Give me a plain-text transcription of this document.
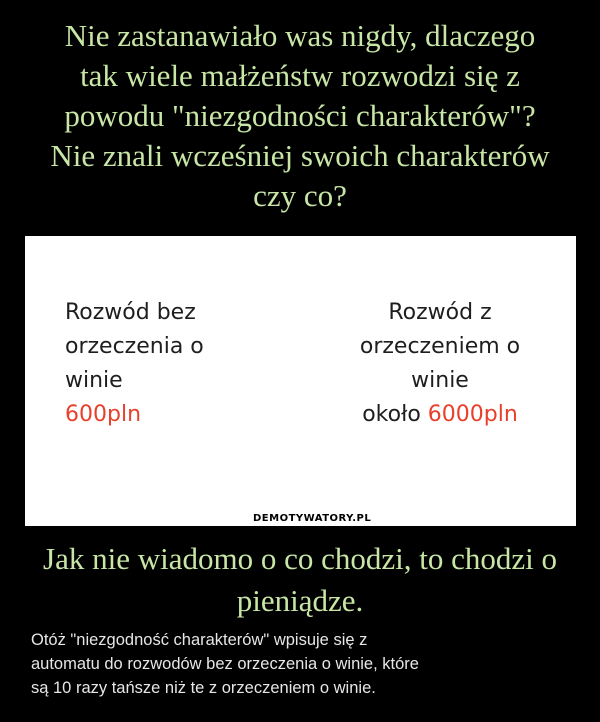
Nie zastanawiało was nigdy, dlaczego
tak wiele małżeństw rozwodzi się z
powodu "niezgodności charakterów"?
Nie znali wcześniej swoich charakterów
czy co?
Rozwód bez
orzeczenia o
winie
600pln
Rozwód z
orzeczeniem o
winie
około 6000pln
DEMOTYWATORY.PL
Jak nie wiadomo o co chodzi, to chodzi o
pieniądze.
Otóż "niezgodność charakterów" wpisuje się z
automatu do rozwodów bez orzeczenia o winie, które
są 10 razy tańsze niż te z orzeczeniem o winie.
